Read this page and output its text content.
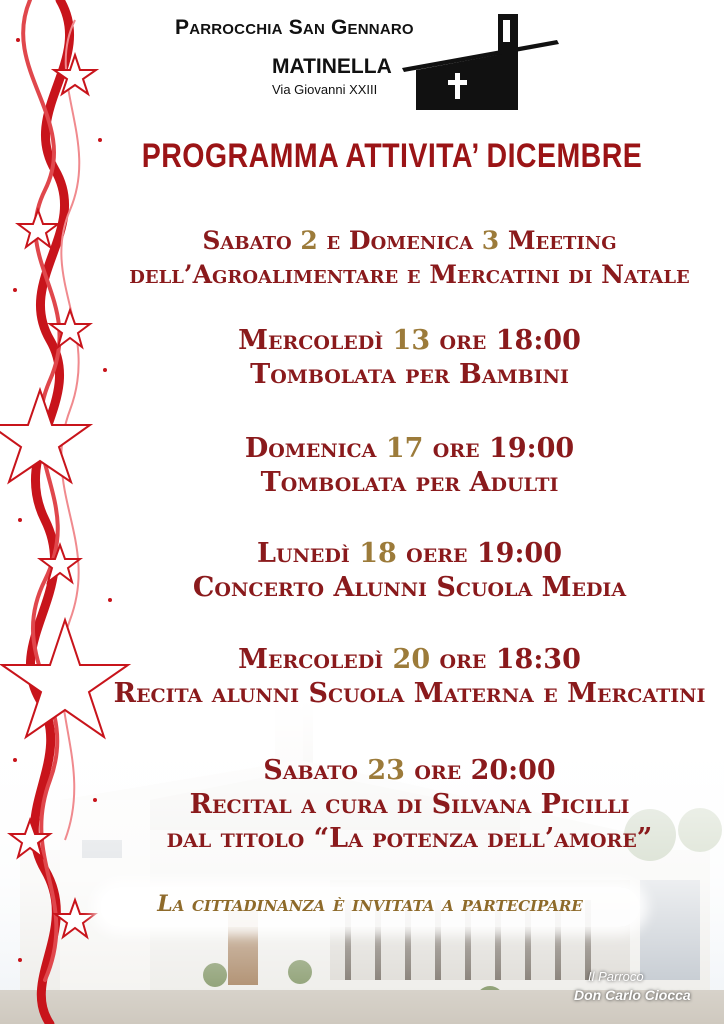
Parrocchia San Gennaro
MATINELLA
Via Giovanni XXIII
PROGRAMMA ATTIVITA’ DICEMBRE
Sabato 2 e Domenica 3 Meeting
dell’Agroalimentare e Mercatini di Natale
Mercoledì 13 ore 18:00
Tombolata per Bambini
Domenica 17 ore 19:00
Tombolata per Adulti
Lunedì 18 oere 19:00
Concerto Alunni Scuola Media
Mercoledì 20 ore 18:30
Recita alunni Scuola Materna e Mercatini
Sabato 23 ore 20:00
Recital a cura di Silvana Picilli
dal titolo “La potenza dell’amore”
La cittadinanza è invitata a partecipare
Il Parroco
Don Carlo Ciocca
